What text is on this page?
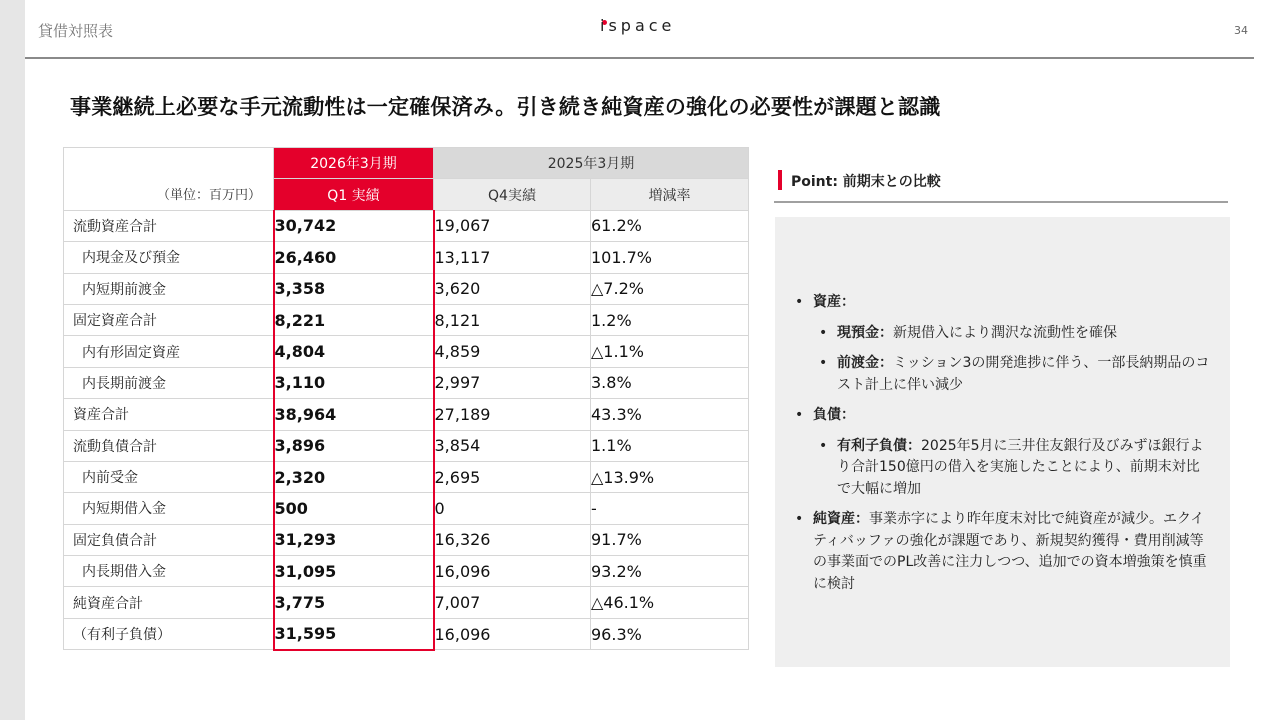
貸借対照表	ispace	34
事業継続上必要な手元流動性は一定確保済み。引き続き純資産の強化の必要性が課題と認識
（単位：百万円）	2026年3月期	2025年3月期	
	Q1 実績	Q4実績	増減率
流動資産合計	30,742	19,067	61.2%
内現金及び預金	26,460	13,117	101.7%
内短期前渡金	3,358	3,620	△7.2%
固定資産合計	8,221	8,121	1.2%
内有形固定資産	4,804	4,859	△1.1%
内長期前渡金	3,110	2,997	3.8%
資産合計	38,964	27,189	43.3%
流動負債合計	3,896	3,854	1.1%
内前受金	2,320	2,695	△13.9%
内短期借入金	500	0	-
固定負債合計	31,293	16,326	91.7%
内長期借入金	31,095	16,096	93.2%
純資産合計	3,775	7,007	△46.1%
（有利子負債）	31,595	16,096	96.3%
Point: 前期末との比較
• 資産：
• 現預金：新規借入により潤沢な流動性を確保
• 前渡金：ミッション3の開発進捗に伴う、一部長納期品のコスト計上に伴い減少
• 負債：
• 有利子負債：2025年5月に三井住友銀行及びみずほ銀行より合計150億円の借入を実施したことにより、前期末対比で大幅に増加
• 純資産：事業赤字により昨年度末対比で純資産が減少。エクイティバッファの強化が課題であり、新規契約獲得・費用削減等の事業面でのPL改善に注力しつつ、追加での資本増強策を慎重に検討
